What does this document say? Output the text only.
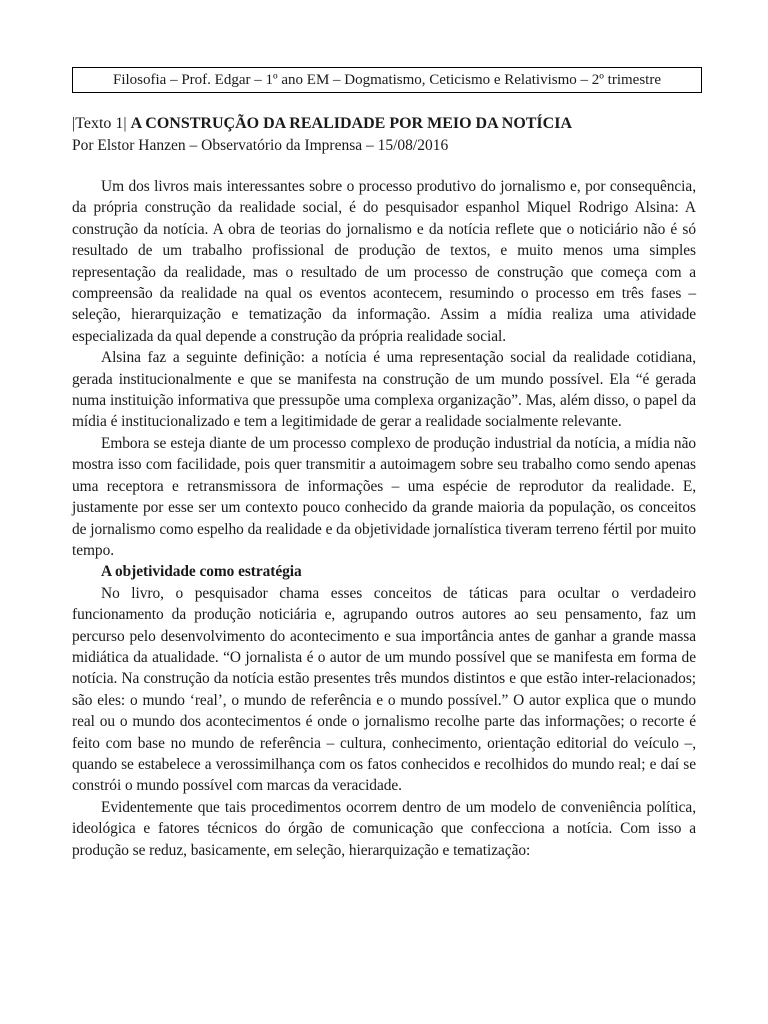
Filosofia – Prof. Edgar – 1º ano EM – Dogmatismo, Ceticismo e Relativismo – 2º trimestre
|Texto 1| A CONSTRUÇÃO DA REALIDADE POR MEIO DA NOTÍCIA
Por Elstor Hanzen – Observatório da Imprensa – 15/08/2016

Um dos livros mais interessantes sobre o processo produtivo do jornalismo e, por consequência, da própria construção da realidade social, é do pesquisador espanhol Miquel Rodrigo Alsina: A construção da notícia. A obra de teorias do jornalismo e da notícia reflete que o noticiário não é só resultado de um trabalho profissional de produção de textos, e muito menos uma simples representação da realidade, mas o resultado de um processo de construção que começa com a compreensão da realidade na qual os eventos acontecem, resumindo o processo em três fases – seleção, hierarquização e tematização da informação. Assim a mídia realiza uma atividade especializada da qual depende a construção da própria realidade social.

Alsina faz a seguinte definição: a notícia é uma representação social da realidade cotidiana, gerada institucionalmente e que se manifesta na construção de um mundo possível. Ela “é gerada numa instituição informativa que pressupõe uma complexa organização”. Mas, além disso, o papel da mídia é institucionalizado e tem a legitimidade de gerar a realidade socialmente relevante.

Embora se esteja diante de um processo complexo de produção industrial da notícia, a mídia não mostra isso com facilidade, pois quer transmitir a autoimagem sobre seu trabalho como sendo apenas uma receptora e retransmissora de informações – uma espécie de reprodutor da realidade. E, justamente por esse ser um contexto pouco conhecido da grande maioria da população, os conceitos de jornalismo como espelho da realidade e da objetividade jornalística tiveram terreno fértil por muito tempo.

A objetividade como estratégia

No livro, o pesquisador chama esses conceitos de táticas para ocultar o verdadeiro funcionamento da produção noticiária e, agrupando outros autores ao seu pensamento, faz um percurso pelo desenvolvimento do acontecimento e sua importância antes de ganhar a grande massa midiática da atualidade. “O jornalista é o autor de um mundo possível que se manifesta em forma de notícia. Na construção da notícia estão presentes três mundos distintos e que estão inter-relacionados; são eles: o mundo ‘real’, o mundo de referência e o mundo possível.” O autor explica que o mundo real ou o mundo dos acontecimentos é onde o jornalismo recolhe parte das informações; o recorte é feito com base no mundo de referência – cultura, conhecimento, orientação editorial do veículo –, quando se estabelece a verossimilhança com os fatos conhecidos e recolhidos do mundo real; e daí se constrói o mundo possível com marcas da veracidade.

Evidentemente que tais procedimentos ocorrem dentro de um modelo de conveniência política, ideológica e fatores técnicos do órgão de comunicação que confecciona a notícia. Com isso a produção se reduz, basicamente, em seleção, hierarquização e tematização:
